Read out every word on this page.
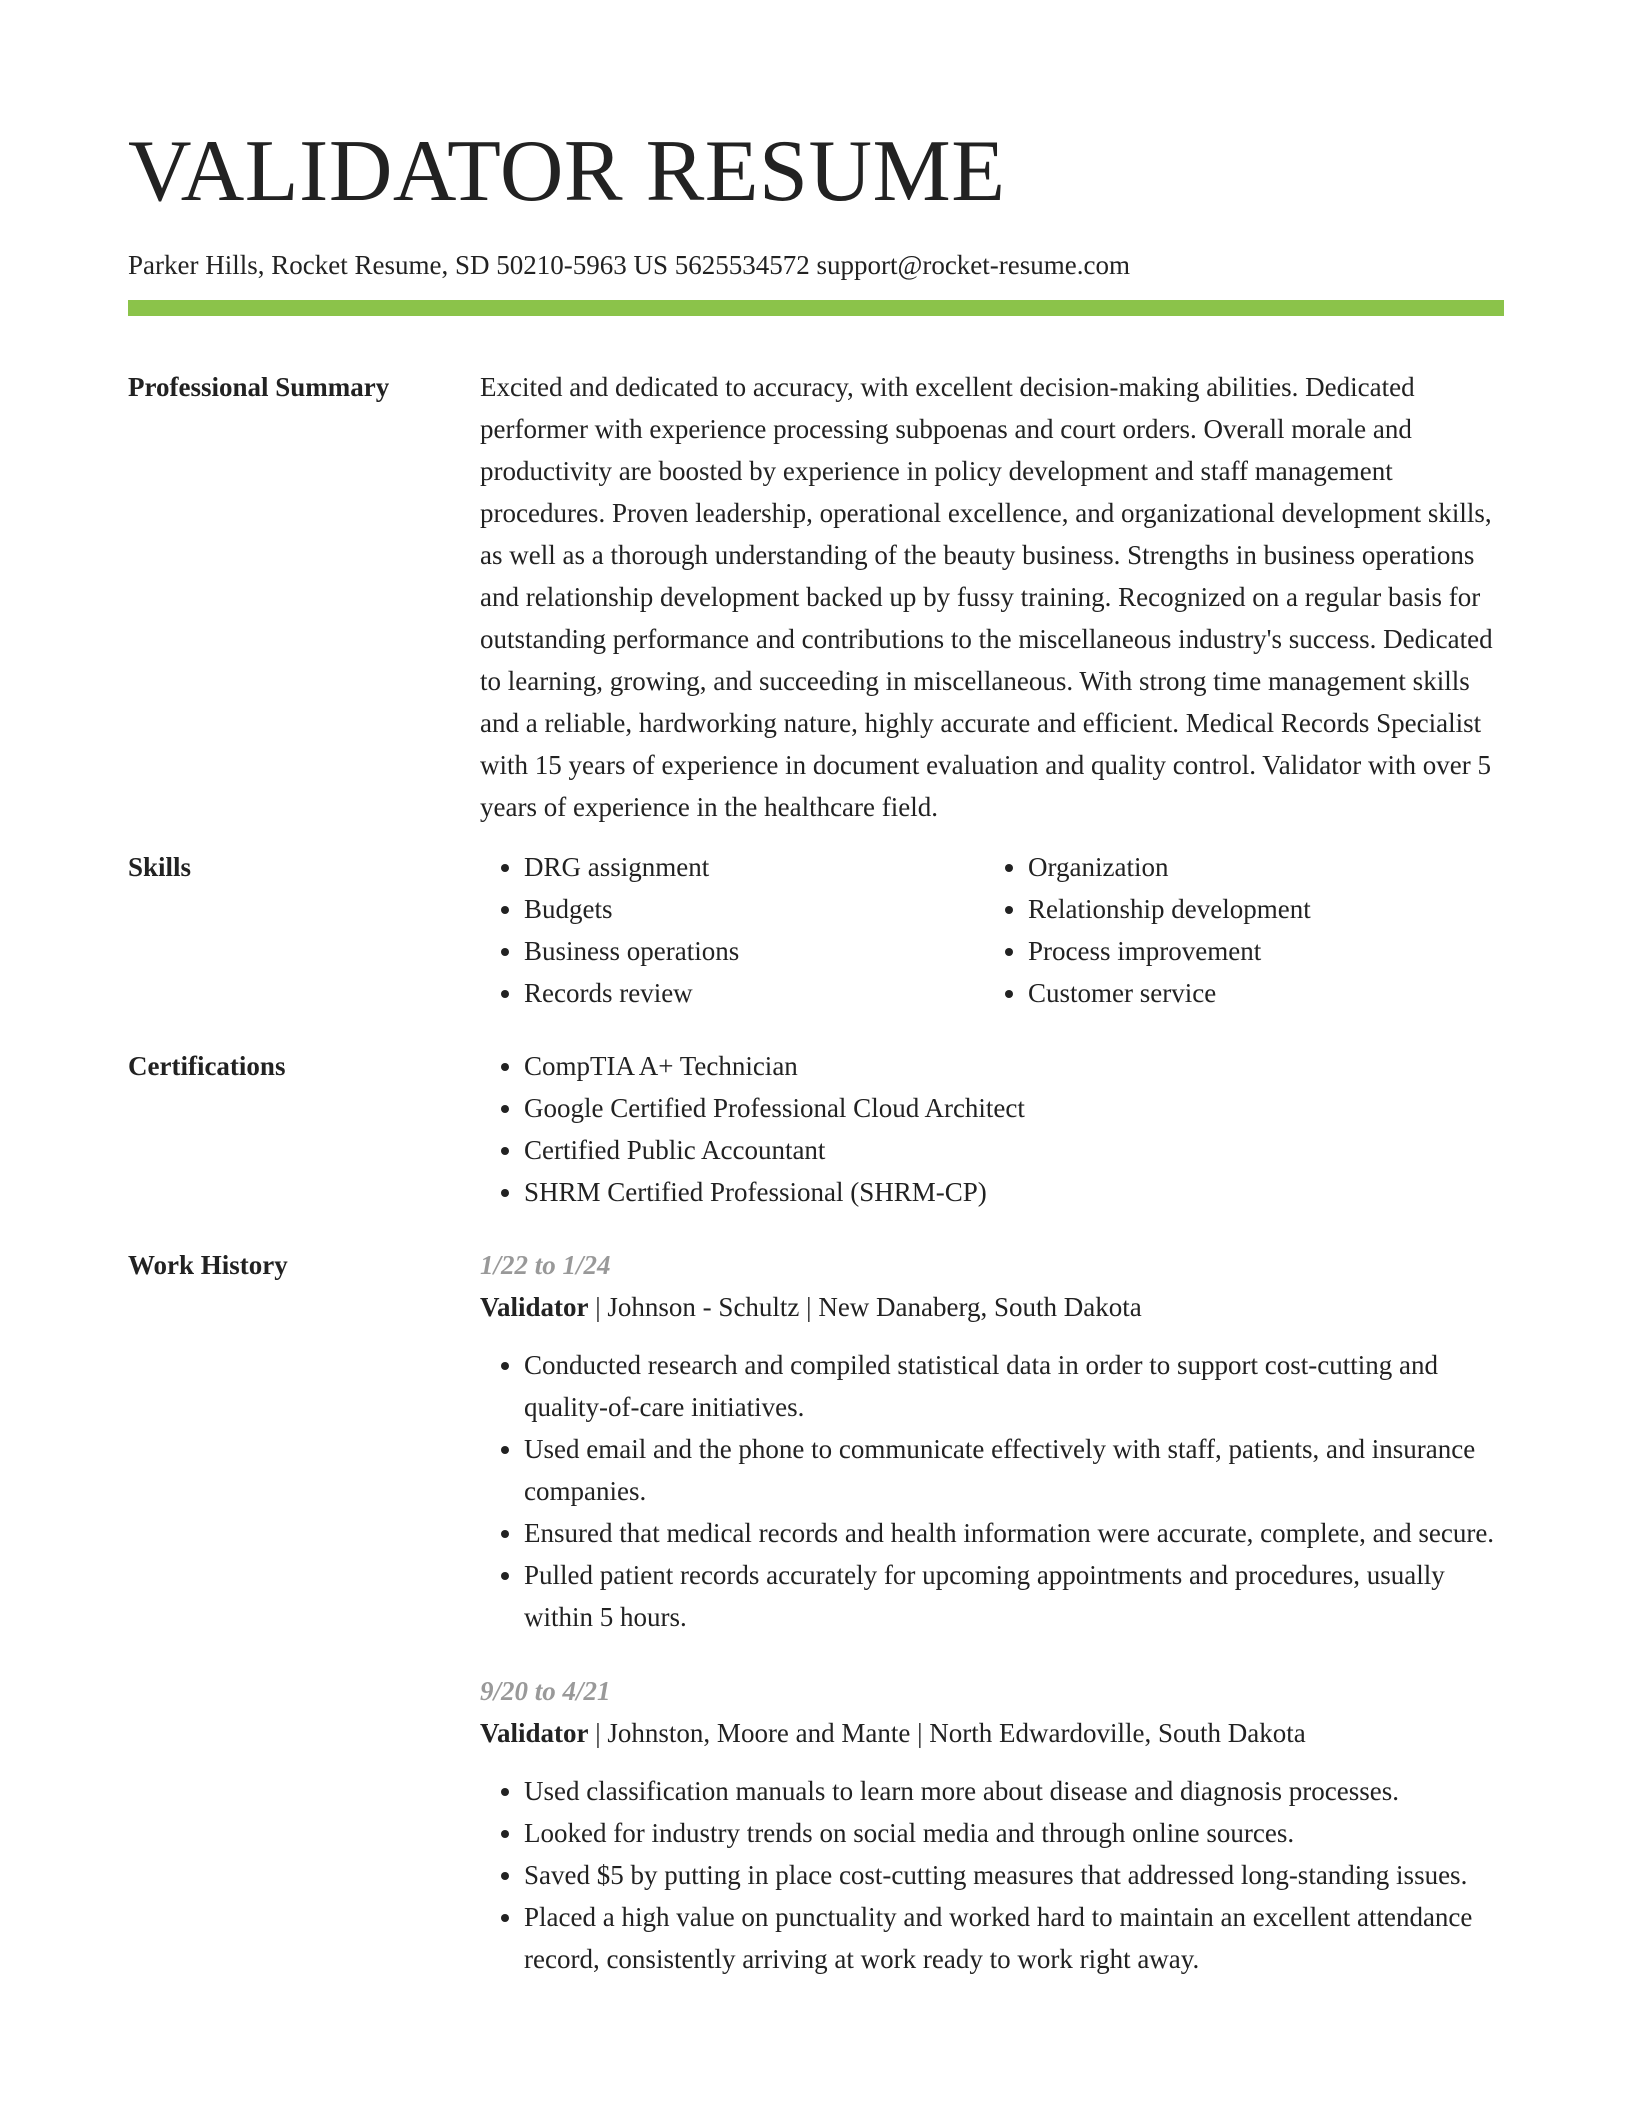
VALIDATOR RESUME
Parker Hills, Rocket Resume, SD 50210-5963 US 5625534572 support@rocket-resume.com
Professional Summary	Excited and dedicated to accuracy, with excellent decision-making abilities. Dedicated performer with experience processing subpoenas and court orders. Overall morale and productivity are boosted by experience in policy development and staff management procedures. Proven leadership, operational excellence, and organizational development skills, as well as a thorough understanding of the beauty business. Strengths in business operations and relationship development backed up by fussy training. Recognized on a regular basis for outstanding performance and contributions to the miscellaneous industry's success. Dedicated to learning, growing, and succeeding in miscellaneous. With strong time management skills and a reliable, hardworking nature, highly accurate and efficient. Medical Records Specialist with 15 years of experience in document evaluation and quality control. Validator with over 5 years of experience in the healthcare field.

Skills	• DRG assignment
• Budgets
• Business operations
• Records review
• Organization
• Relationship development
• Process improvement
• Customer service
Certifications	• CompTIA A+ Technician
• Google Certified Professional Cloud Architect
• Certified Public Accountant
• SHRM Certified Professional (SHRM-CP)
Work History	1/22 to 1/24
Validator | Johnson - Schultz | New Danaberg, South Dakota
• Conducted research and compiled statistical data in order to support cost-cutting and quality-of-care initiatives.
• Used email and the phone to communicate effectively with staff, patients, and insurance companies.
• Ensured that medical records and health information were accurate, complete, and secure.
• Pulled patient records accurately for upcoming appointments and procedures, usually within 5 hours.
9/20 to 4/21
Validator | Johnston, Moore and Mante | North Edwardoville, South Dakota
• Used classification manuals to learn more about disease and diagnosis processes.
• Looked for industry trends on social media and through online sources.
• Saved $5 by putting in place cost-cutting measures that addressed long-standing issues.
• Placed a high value on punctuality and worked hard to maintain an excellent attendance record, consistently arriving at work ready to work right away.
